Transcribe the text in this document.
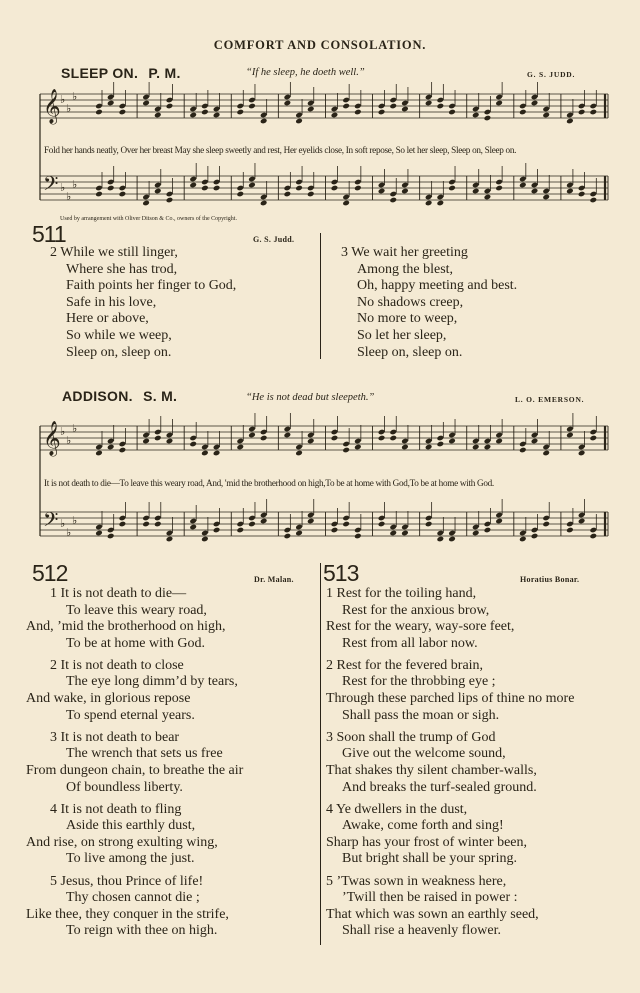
COMFORT AND CONSOLATION.
SLEEP ON. P. M.	“If he sleep, he doeth well.”	G. S. JUDD.
𝄞
𝄢
♭
♭
♭
♭
♭
♭
Fold her hands neatly, Over her breast May she sleep sweetly and rest, Her eyelids close, In soft repose, So let her sleep, Sleep on, Sleep on.
Used by arrangement with Oliver Ditson & Co., owners of the Copyright.
511	G. S. Judd.
2 While we still linger,
Where she has trod,
Faith points her finger to God,
Safe in his love,
Here or above,
So while we weep,
Sleep on, sleep on.
3 We wait her greeting
Among the blest,
Oh, happy meeting and best.
No shadows creep,
No more to weep,
So let her sleep,
Sleep on, sleep on.
ADDISON. S. M.	“He is not dead but sleepeth.”	L. O. EMERSON.
𝄞
𝄢
♭
♭
♭
♭
♭
♭
It is not death to die—To leave this weary road, And, 'mid the brotherhood on high,To be at home with God,To be at home with God.
512	Dr. Malan. 513	Horatius Bonar.
1 It is not death to die—
To leave this weary road,
And, ’mid the brotherhood on high,
To be at home with God.
2 It is not death to close
The eye long dimm’d by tears,
And wake, in glorious repose
To spend eternal years.
3 It is not death to bear
The wrench that sets us free
From dungeon chain, to breathe the air
Of boundless liberty.
4 It is not death to fling
Aside this earthly dust,
And rise, on strong exulting wing,
To live among the just.
5 Jesus, thou Prince of life!
Thy chosen cannot die ;
Like thee, they conquer in the strife,
To reign with thee on high.
1 Rest for the toiling hand,
Rest for the anxious brow,
Rest for the weary, way-sore feet,
Rest from all labor now.
2 Rest for the fevered brain,
Rest for the throbbing eye ;
Through these parched lips of thine no more
Shall pass the moan or sigh.
3 Soon shall the trump of God
Give out the welcome sound,
That shakes thy silent chamber-walls,
And breaks the turf-sealed ground.
4 Ye dwellers in the dust,
Awake, come forth and sing!
Sharp has your frost of winter been,
But bright shall be your spring.
5 ’Twas sown in weakness here,
’Twill then be raised in power :
That which was sown an earthly seed,
Shall rise a heavenly flower.
